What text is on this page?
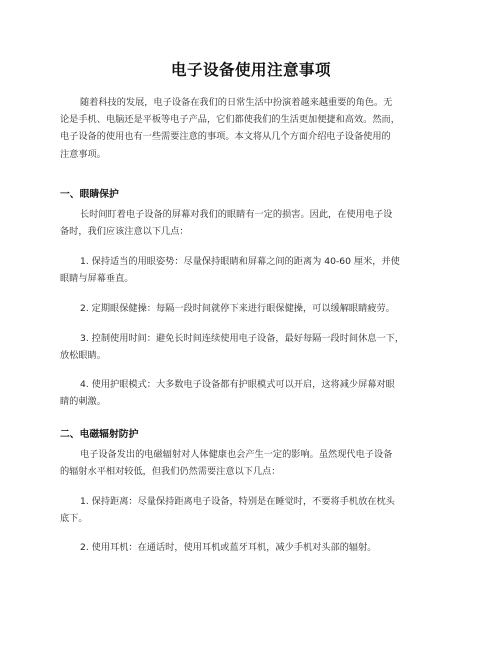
电子设备使用注意事项
随着科技的发展，电子设备在我们的日常生活中扮演着越来越重要的角色。无
论是手机、电脑还是平板等电子产品，它们都使我们的生活更加便捷和高效。然而，
电子设备的使用也有一些需要注意的事项。本文将从几个方面介绍电子设备使用的
注意事项。
一、眼睛保护
长时间盯着电子设备的屏幕对我们的眼睛有一定的损害。因此，在使用电子设
备时，我们应该注意以下几点：
1. 保持适当的用眼姿势：尽量保持眼睛和屏幕之间的距离为 40-60 厘米，并使
眼睛与屏幕垂直。
2. 定期眼保健操：每隔一段时间就停下来进行眼保健操，可以缓解眼睛疲劳。
3. 控制使用时间：避免长时间连续使用电子设备，最好每隔一段时间休息一下，
放松眼睛。
4. 使用护眼模式：大多数电子设备都有护眼模式可以开启，这将减少屏幕对眼
睛的刺激。
二、电磁辐射防护
电子设备发出的电磁辐射对人体健康也会产生一定的影响。虽然现代电子设备
的辐射水平相对较低，但我们仍然需要注意以下几点：
1. 保持距离：尽量保持距离电子设备，特别是在睡觉时，不要将手机放在枕头
底下。
2. 使用耳机：在通话时，使用耳机或蓝牙耳机，减少手机对头部的辐射。
